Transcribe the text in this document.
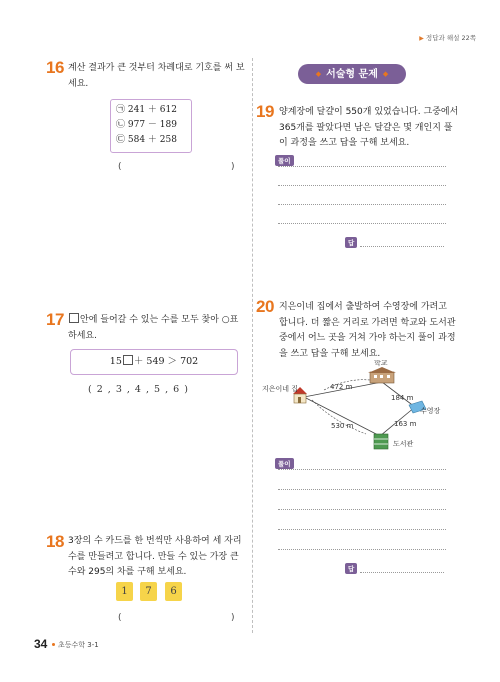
▶ 정답과 해설 22쪽
16 계산 결과가 큰 것부터 차례대로 기호를 써 보
세요.
㉠ 241 ＋ 612
㉡ 977 － 189
㉢ 584 ＋ 258
(	)
17	안에 들어갈 수 있는 수를 모두 찾아 ○표
하세요.
15 ＋ 549 ＞ 702
( 2 , 3 , 4 , 5 , 6 )
18 3장의 수 카드를 한 번씩만 사용하여 세 자리
수를 만들려고 합니다. 만들 수 있는 가장 큰
수와 295의 차를 구해 보세요.
1	7	6
(	)
◆ 서술형 문제 ◆
19 양계장에 달걀이 550개 있었습니다. 그중에서
365개를 팔았다면 남은 달걀은 몇 개인지 풀
이 과정을 쓰고 답을 구해 보세요.
풀이
답
20 지은이네 집에서 출발하여 수영장에 가려고
합니다. 더 짧은 거리로 가려면 학교와 도서관
중에서 어느 곳을 거쳐 가야 하는지 풀이 과정
을 쓰고 답을 구해 보세요.
지은이네 집
학교
수영장
도서관
472 m
184 m
530 m	163 m
풀이
답
34 초등수학 3-1
